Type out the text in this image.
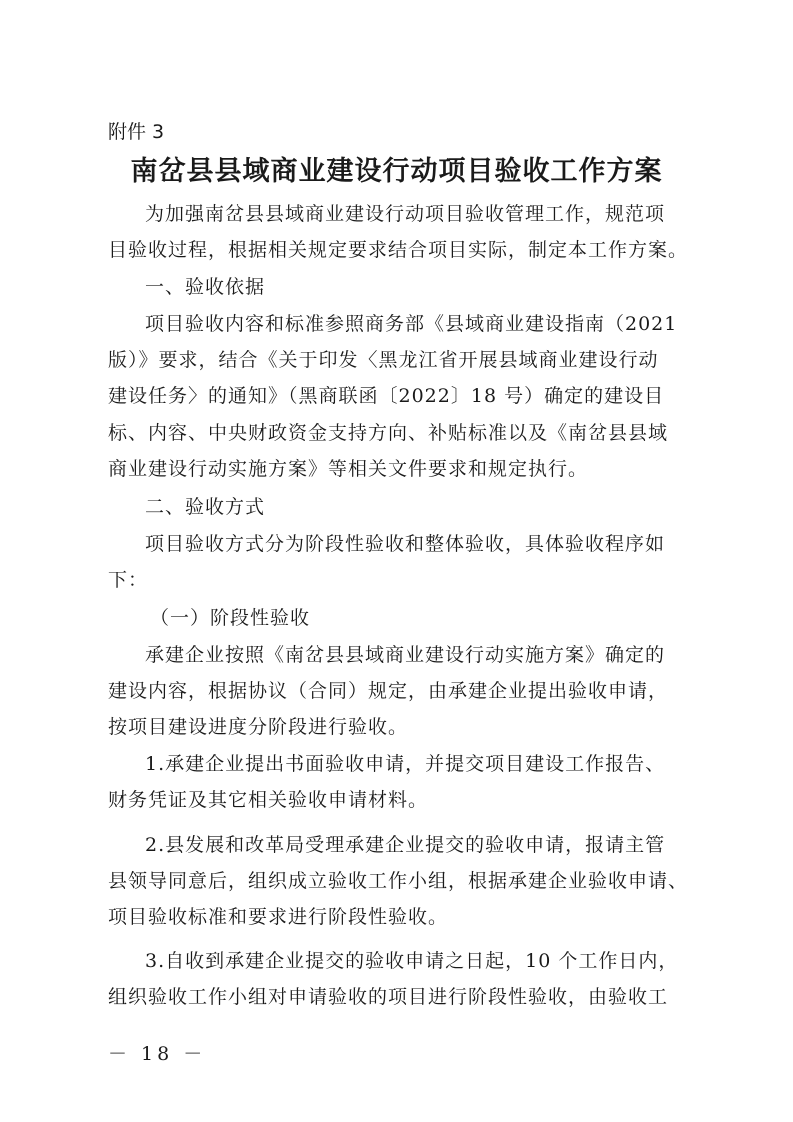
附件 3
南岔县县域商业建设行动项目验收工作方案
为加强南岔县县域商业建设行动项目验收管理工作，规范项
目验收过程，根据相关规定要求结合项目实际，制定本工作方案。
一、验收依据
项目验收内容和标准参照商务部《县域商业建设指南（2021
版）》要求，结合《关于印发〈黑龙江省开展县域商业建设行动
建设任务〉的通知》（黑商联函〔2022〕18 号）确定的建设目
标、内容、中央财政资金支持方向、补贴标准以及《南岔县县域
商业建设行动实施方案》等相关文件要求和规定执行。
二、验收方式
项目验收方式分为阶段性验收和整体验收，具体验收程序如
下：
（一）阶段性验收
承建企业按照《南岔县县域商业建设行动实施方案》确定的
建设内容，根据协议（合同）规定，由承建企业提出验收申请，
按项目建设进度分阶段进行验收。
1.承建企业提出书面验收申请，并提交项目建设工作报告、
财务凭证及其它相关验收申请材料。
2.县发展和改革局受理承建企业提交的验收申请，报请主管
县领导同意后，组织成立验收工作小组，根据承建企业验收申请、
项目验收标准和要求进行阶段性验收。
3.自收到承建企业提交的验收申请之日起，10 个工作日内，
组织验收工作小组对申请验收的项目进行阶段性验收，由验收工
－ 18 －
